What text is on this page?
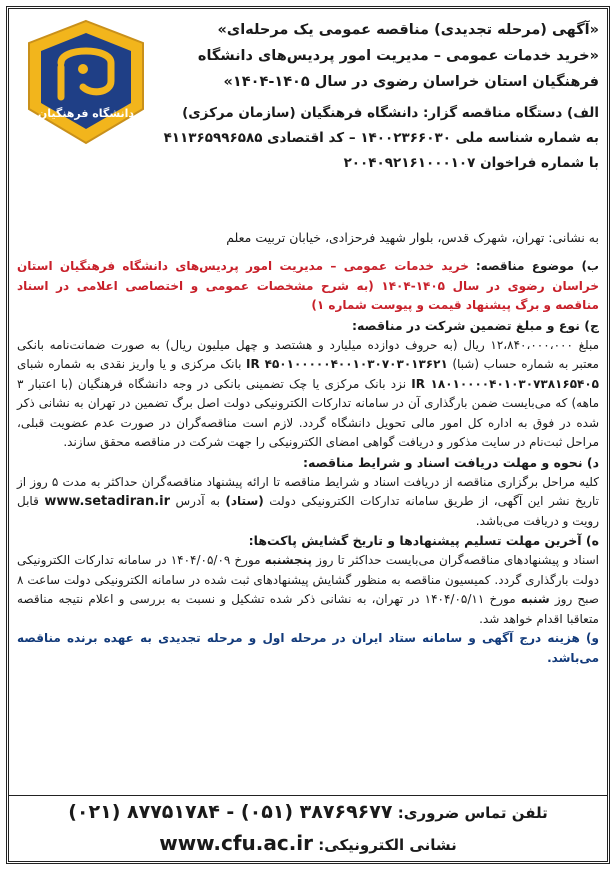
دانشگاه فرهنگیان
«آگهی (مرحله تجدیدی) مناقصه عمومی یک مرحله‌ای»
«خرید خدمات عمومی – مدیریت امور پردیس‌های دانشگاه
فرهنگیان استان خراسان رضوی در سال ۱۴۰۵-۱۴۰۴»
الف) دستگاه مناقصه گزار: دانشگاه فرهنگیان (سازمان مرکزی)
به شماره شناسه ملی ۱۴۰۰۲۳۶۶۰۳۰ – کد اقتصادی ۴۱۱۳۶۵۹۹۶۵۸۵
با شماره فراخوان ۲۰۰۴۰۹۲۱۶۱۰۰۰۱۰۷
به نشانی: تهران، شهرک قدس، بلوار شهید فرحزادی، خیابان تربیت معلم

ب) موضوع مناقصه: خرید خدمات عمومی – مدیریت امور پردیس‌های دانشگاه فرهنگیان استان خراسان رضوی در سال ۱۴۰۵-۱۴۰۴ (به شرح مشخصات عمومی و اختصاصی اعلامی در اسناد مناقصه و برگ پیشنهاد قیمت و پیوست شماره ۱)

ج) نوع و مبلغ تضمین شرکت در مناقصه:

مبلغ ۱۲،۸۴۰،۰۰۰،۰۰۰ ریال (به حروف دوازده میلیارد و هشتصد و چهل میلیون ریال) به صورت ضمانت‌نامه بانکی معتبر به شماره حساب (شبا) IR ۴۵۰۱۰۰۰۰۰۴۰۰۱۰۳۰۷۰۳۰۱۳۶۲۱ بانک مرکزی و یا واریز نقدی به شماره شبای IR ۱۸۰۱۰۰۰۰۴۰۱۰۳۰۷۳۸۱۶۵۴۰۵ نزد بانک مرکزی یا چک تضمینی بانکی در وجه دانشگاه فرهنگیان (با اعتبار ۳ ماهه) که می‌بایست ضمن بارگذاری آن در سامانه تدارکات الکترونیکی دولت اصل برگ تضمین در تهران به نشانی ذکر شده در فوق به اداره کل امور مالی تحویل دانشگاه گردد. لازم است مناقصه‌گران در صورت عدم عضویت قبلی، مراحل ثبت‌نام در سایت مذکور و دریافت گواهی امضای الکترونیکی را جهت شرکت در مناقصه محقق سازند.

د) نحوه و مهلت دریافت اسناد و شرایط مناقصه:

کلیه مراحل برگزاری مناقصه از دریافت اسناد و شرایط مناقصه تا ارائه پیشنهاد مناقصه‌گران حداکثر به مدت ۵ روز از تاریخ نشر این آگهی، از طریق سامانه تدارکات الکترونیکی دولت (ستاد) به آدرس www.setadiran.ir قابل رویت و دریافت می‌باشد.

ه) آخرین مهلت تسلیم پیشنهادها و تاریخ گشایش پاکت‌ها:

اسناد و پیشنهادهای مناقصه‌گران می‌بایست حداکثر تا روز پنجشنبه مورخ ۱۴۰۴/۰۵/۰۹ در سامانه تدارکات الکترونیکی دولت بارگذاری گردد. کمیسیون مناقصه به منظور گشایش پیشنهادهای ثبت شده در سامانه الکترونیکی دولت ساعت ۸ صبح روز شنبه مورخ ۱۴۰۴/۰۵/۱۱ در تهران، به نشانی ذکر شده تشکیل و نسبت به بررسی و اعلام نتیجه مناقصه متعاقبا اقدام خواهد شد.

و) هزینه درج آگهی و سامانه ستاد ایران در مرحله اول و مرحله تجدیدی به عهده برنده مناقصه می‌باشد.

تلفن تماس ضروری: (۰۲۱) ۸۷۷۵۱۷۸۴ - (۰۵۱) ۳۸۷۶۹۶۷۷
نشانی الکترونیکی: www.cfu.ac.ir
